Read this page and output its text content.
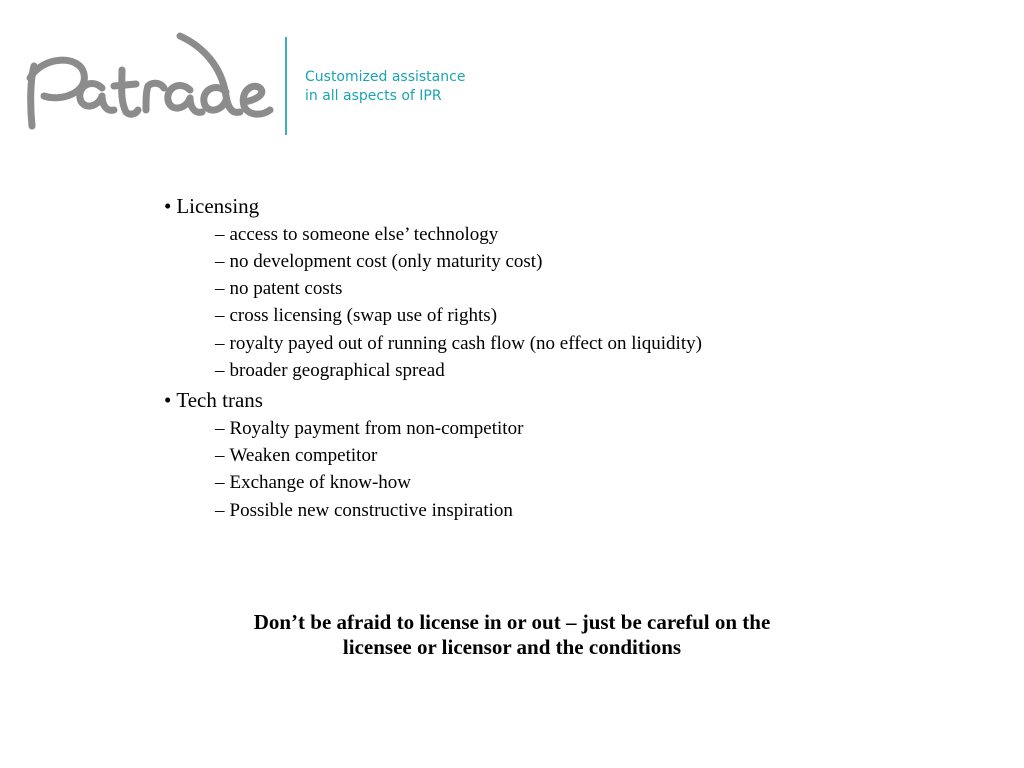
Customized assistance
in all aspects of IPR
• Licensing
– access to someone else’ technology
– no development cost (only maturity cost)
– no patent costs
– cross licensing (swap use of rights)
– royalty payed out of running cash flow (no effect on liquidity)
– broader geographical spread
• Tech trans
– Royalty payment from non-competitor
– Weaken competitor
– Exchange of know-how
– Possible new constructive inspiration
Don’t be afraid to license in or out – just be careful on the
licensee or licensor and the conditions
